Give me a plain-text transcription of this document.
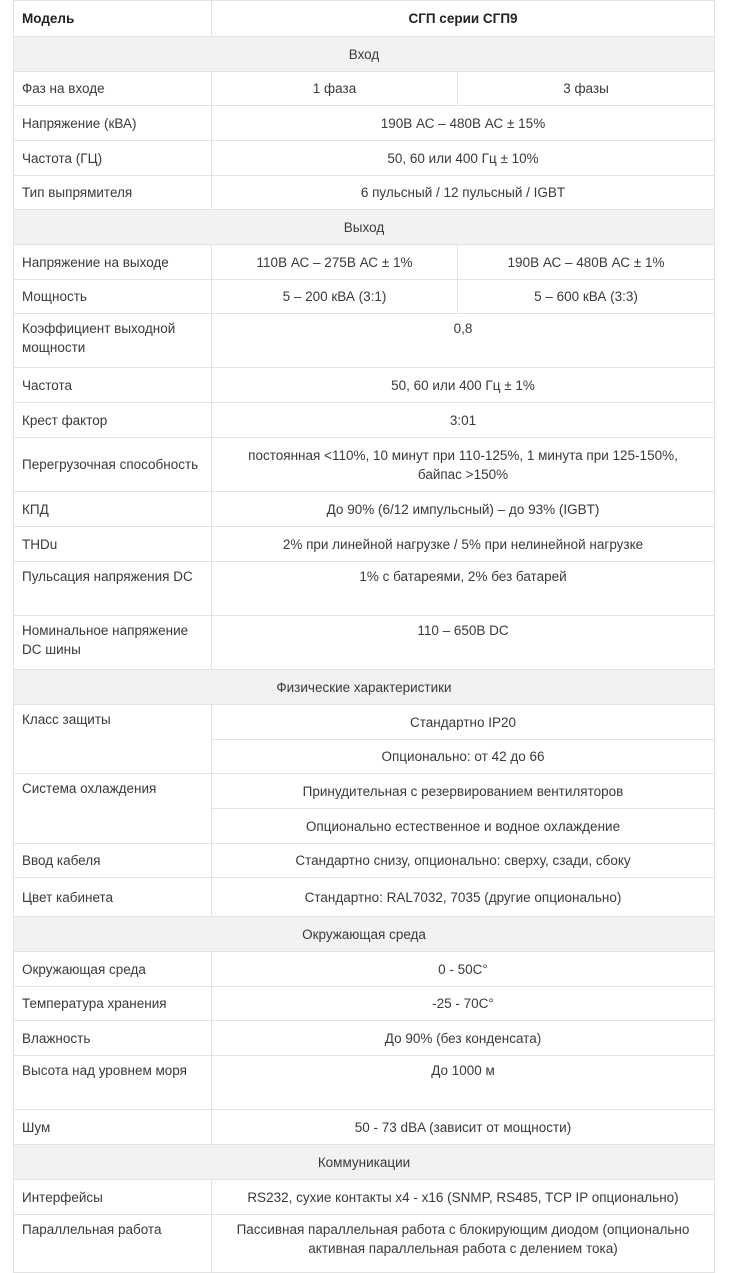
Модель	СГП серии СГП9	
Вход		
Фаз на входе	1 фаза	3 фазы
Напряжение (кВА)	190В АС – 480В АС ± 15%	
Частота (ГЦ)	50, 60 или 400 Гц ± 10%	
Тип выпрямителя	6 пульсный / 12 пульсный / IGBT	
Выход		
Напряжение на выходе	110В АС – 275В АС ± 1%	190В АС – 480В АС ± 1%
Мощность	5 – 200 кВА (3:1)	5 – 600 кВА (3:3)
Коэффициент выходной мощности	0,8	
Частота	50, 60 или 400 Гц ± 1%	
Крест фактор	3:01	
Перегрузочная способность	постоянная <110%, 10 минут при 110-125%, 1 минута при 125-150%, байпас >150%	
КПД	До 90% (6/12 импульсный) – до 93% (IGBT)	
THDu	2% при линейной нагрузке / 5% при нелинейной нагрузке	
Пульсация напряжения DC	1% с батареями, 2% без батарей	
Номинальное напряжение DC шины	110 – 650В DC	
Физические характеристики		
Класс защиты	Стандартно IP20	
	Опционально: от 42 до 66	
Система охлаждения	Принудительная с резервированием вентиляторов	
	Опционально естественное и водное охлаждение	
Ввод кабеля	Стандартно снизу, опционально: сверху, сзади, сбоку	
Цвет кабинета	Стандартно: RAL7032, 7035 (другие опционально)	
Окружающая среда		
Окружающая среда	0 - 50С°	
Температура хранения	-25 - 70С°	
Влажность	До 90% (без конденсата)	
Высота над уровнем моря	До 1000 м	
Шум	50 - 73 dBA (зависит от мощности)	
Коммуникации		
Интерфейсы	RS232, сухие контакты x4 - x16 (SNMP, RS485, TCP IP опционально)	
Параллельная работа	Пассивная параллельная работа с блокирующим диодом (опционально активная параллельная работа с делением тока)	
